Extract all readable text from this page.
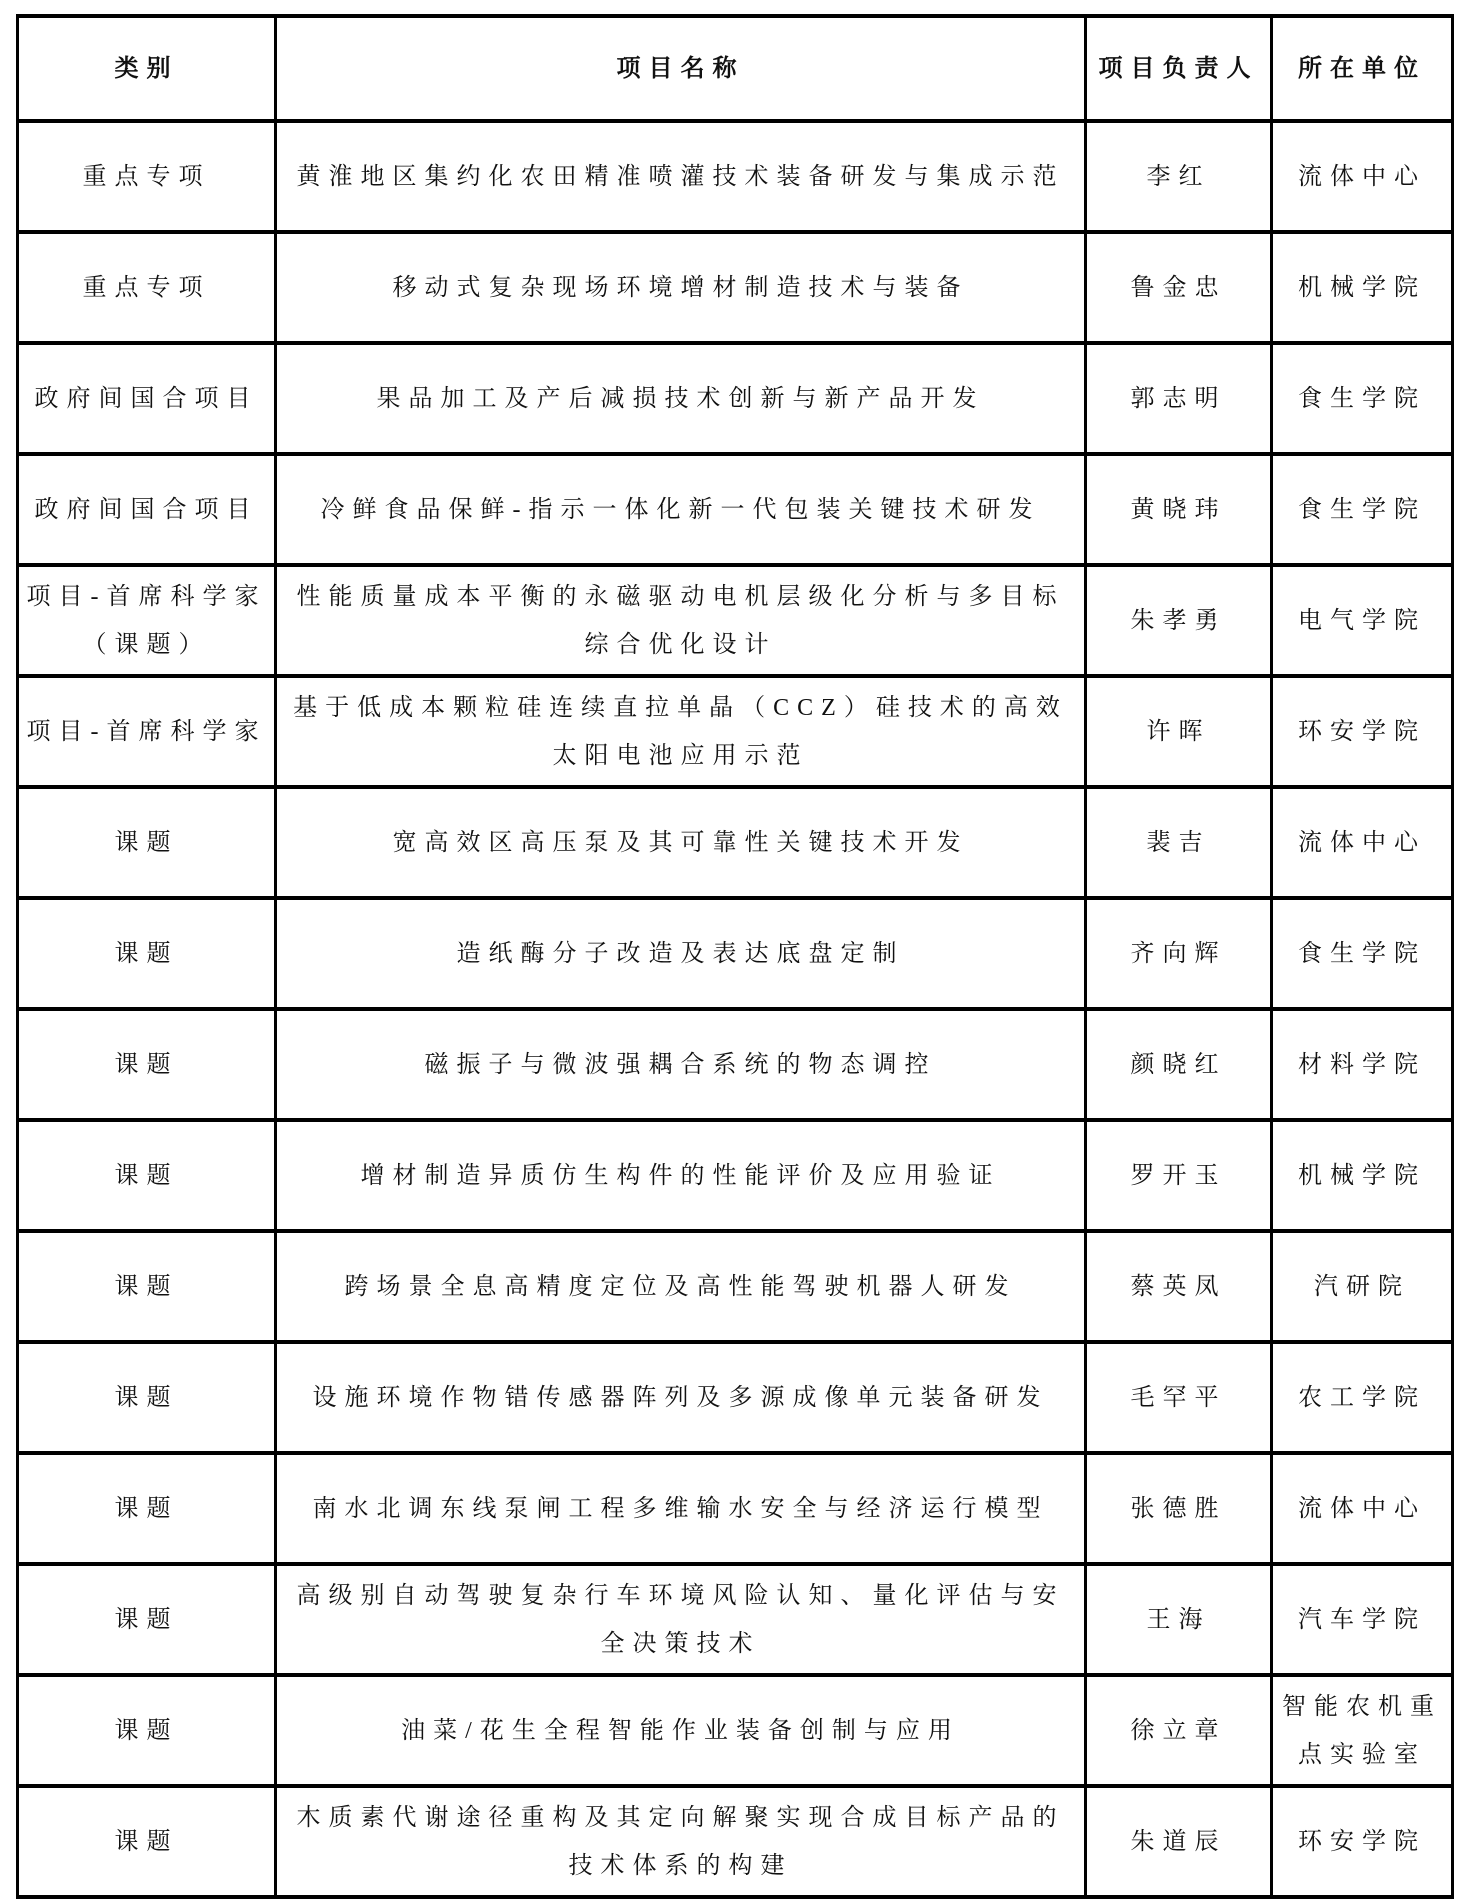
类别	项目名称	项目负责人	所在单位
重点专项	黄淮地区集约化农田精准喷灌技术装备研发与集成示范	李红	流体中心
重点专项	移动式复杂现场环境增材制造技术与装备	鲁金忠	机械学院
政府间国合项目	果品加工及产后减损技术创新与新产品开发	郭志明	食生学院
政府间国合项目	冷鲜食品保鲜-指示一体化新一代包装关键技术研发	黄晓玮	食生学院
项目-首席科学家（课题）	性能质量成本平衡的永磁驱动电机层级化分析与多目标综合优化设计	朱孝勇	电气学院
项目-首席科学家	基于低成本颗粒硅连续直拉单晶（CCZ）硅技术的高效太阳电池应用示范	许晖	环安学院
课题	宽高效区高压泵及其可靠性关键技术开发	裴吉	流体中心
课题	造纸酶分子改造及表达底盘定制	齐向辉	食生学院
课题	磁振子与微波强耦合系统的物态调控	颜晓红	材料学院
课题	增材制造异质仿生构件的性能评价及应用验证	罗开玉	机械学院
课题	跨场景全息高精度定位及高性能驾驶机器人研发	蔡英凤	汽研院
课题	设施环境作物错传感器阵列及多源成像单元装备研发	毛罕平	农工学院
课题	南水北调东线泵闸工程多维输水安全与经济运行模型	张德胜	流体中心
课题	高级别自动驾驶复杂行车环境风险认知、量化评估与安全决策技术	王海	汽车学院
课题	油菜/花生全程智能作业装备创制与应用	徐立章	智能农机重点实验室
课题	木质素代谢途径重构及其定向解聚实现合成目标产品的技术体系的构建	朱道辰	环安学院
